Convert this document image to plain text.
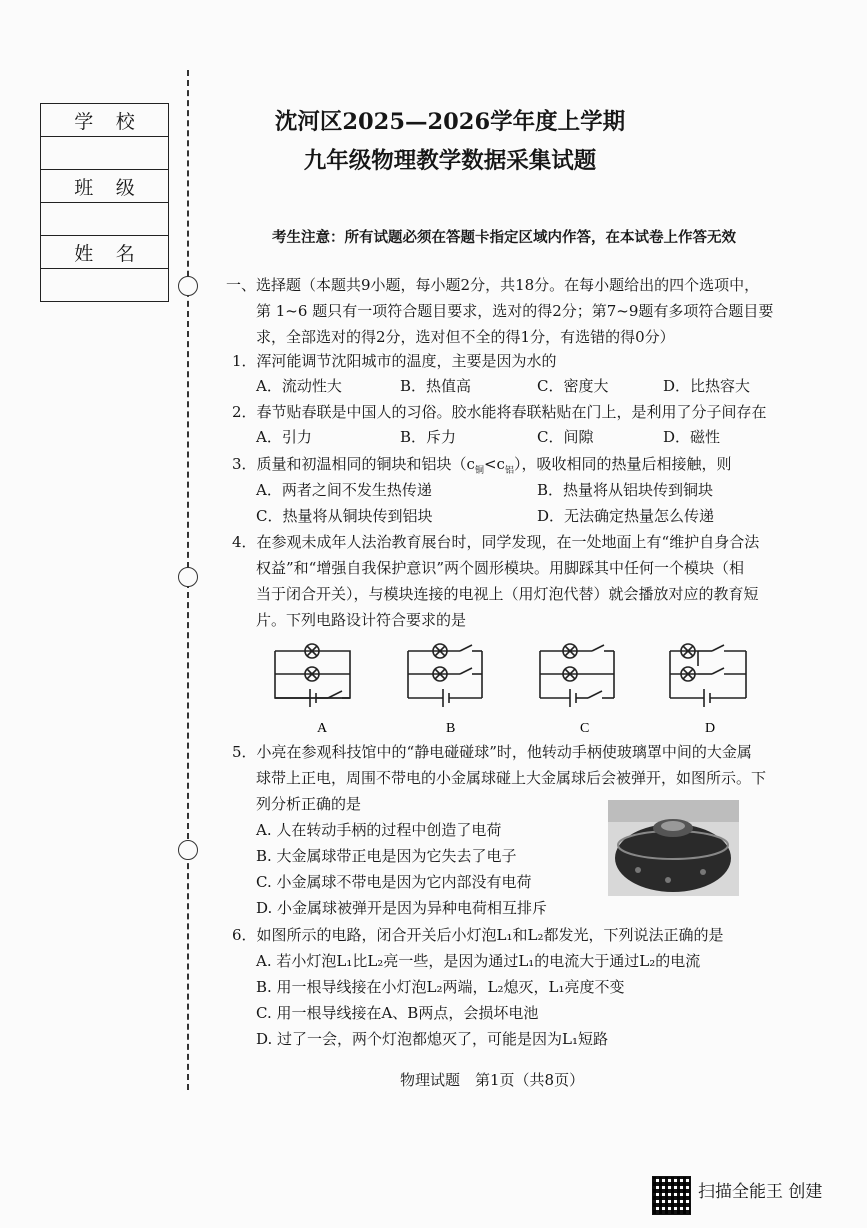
学 校
班 级
姓 名
沈河区2025—2026学年度上学期
九年级物理教学数据采集试题
考生注意：所有试题必须在答题卡指定区域内作答，在本试卷上作答无效
一、选择题（本题共9小题，每小题2分，共18分。在每小题给出的四个选项中，
第 1~6 题只有一项符合题目要求，选对的得2分；第7~9题有多项符合题目要
求，全部选对的得2分，选对但不全的得1分，有选错的得0分）
1．浑河能调节沈阳城市的温度，主要是因为水的
A．流动性大	B．热值高	C．密度大	D．比热容大
2．春节贴春联是中国人的习俗。胶水能将春联粘贴在门上，是利用了分子间存在
A．引力	B．斥力	C．间隙	D．磁性
3．质量和初温相同的铜块和铝块$(c_铜<c_铝)$，吸收相同的热量后相接触，则
A．两者之间不发生热传递	B．热量将从铝块传到铜块
C．热量将从铜块传到铝块	D．无法确定热量怎么传递
4．在参观未成年人法治教育展台时，同学发现，在一处地面上有“维护自身合法
权益”和“增强自我保护意识”两个圆形模块。用脚踩其中任何一个模块（相
当于闭合开关），与模块连接的电视上（用灯泡代替）就会播放对应的教育短
片。下列电路设计符合要求的是
A	B	C	D
5．小亮在参观科技馆中的“静电碰碰球”时，他转动手柄使玻璃罩中间的大金属
球带上正电，周围不带电的小金属球碰上大金属球后会被弹开，如图所示。下
列分析正确的是
A. 人在转动手柄的过程中创造了电荷
B. 大金属球带正电是因为它失去了电子
C. 小金属球不带电是因为它内部没有电荷
D. 小金属球被弹开是因为异种电荷相互排斥
6．如图所示的电路，闭合开关后小灯泡L₁和L₂都发光，下列说法正确的是
A. 若小灯泡L₁比L₂亮一些，是因为通过L₁的电流大于通过L₂的电流
B. 用一根导线接在小灯泡L₂两端，L₂熄灭，L₁亮度不变
C. 用一根导线接在A、B两点，会损坏电池
D. 过了一会，两个灯泡都熄灭了，可能是因为L₁短路
物理试题　第1页（共8页）
扫描全能王 创建
